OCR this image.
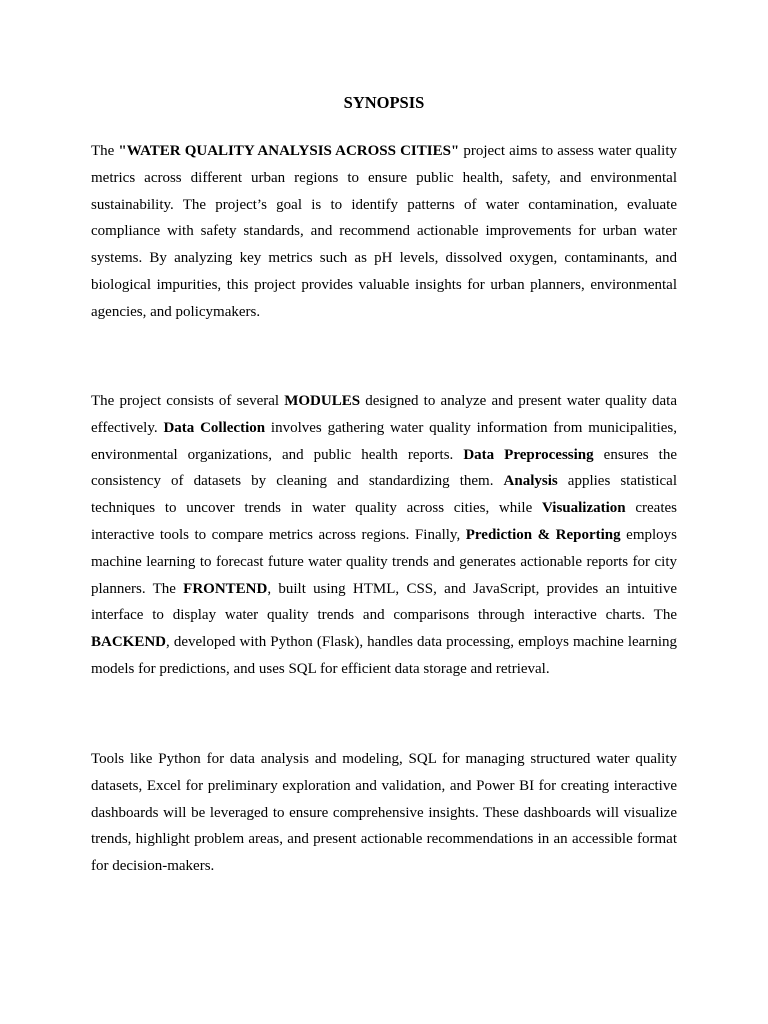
SYNOPSIS

The "WATER QUALITY ANALYSIS ACROSS CITIES" project aims to assess water quality metrics across different urban regions to ensure public health, safety, and environmental sustainability. The project’s goal is to identify patterns of water contamination, evaluate compliance with safety standards, and recommend actionable improvements for urban water systems. By analyzing key metrics such as pH levels, dissolved oxygen, contaminants, and biological impurities, this project provides valuable insights for urban planners, environmental agencies, and policymakers.

The project consists of several MODULES designed to analyze and present water quality data effectively. Data Collection involves gathering water quality information from municipalities, environmental organizations, and public health reports. Data Preprocessing ensures the consistency of datasets by cleaning and standardizing them. Analysis applies statistical techniques to uncover trends in water quality across cities, while Visualization creates interactive tools to compare metrics across regions. Finally, Prediction & Reporting employs machine learning to forecast future water quality trends and generates actionable reports for city planners. The FRONTEND, built using HTML, CSS, and JavaScript, provides an intuitive interface to display water quality trends and comparisons through interactive charts. The BACKEND, developed with Python (Flask), handles data processing, employs machine learning models for predictions, and uses SQL for efficient data storage and retrieval.

Tools like Python for data analysis and modeling, SQL for managing structured water quality datasets, Excel for preliminary exploration and validation, and Power BI for creating interactive dashboards will be leveraged to ensure comprehensive insights. These dashboards will visualize trends, highlight problem areas, and present actionable recommendations in an accessible format for decision-makers.
